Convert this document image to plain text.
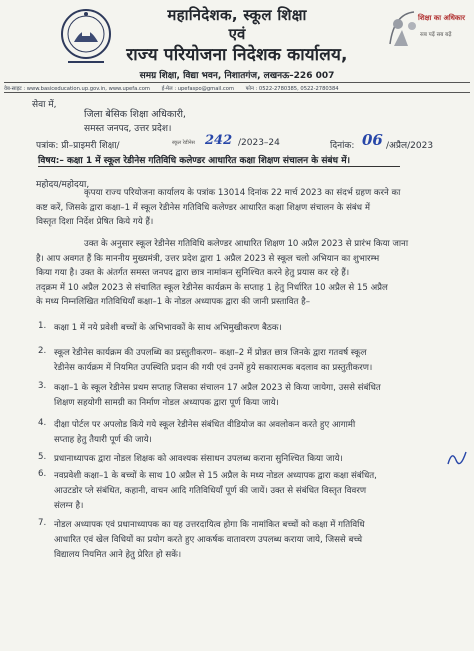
शिक्षा का अधिकार
सब पढ़ें सब बढ़ें
महानिदेशक, स्कूल शिक्षा
एवं
राज्य परियोजना निदेशक कार्यालय,
समग्र शिक्षा, विद्या भवन, निशातगंज, लखनऊ–226 007
वेब-साइट : www.basiceducation.up.gov.in, www.upefa.com ई-मेल : upefaspo@gmail.com फोन : 0522-2780385, 0522-2780384
सेवा में,
जिला बेसिक शिक्षा अधिकारी,
समस्त जनपद, उत्तर प्रदेश।
पत्रांक: प्री–प्राइमरी शिक्षा/	स्कूल रेडीनेस 242 /2023–24	दिनांक: 06 /अप्रैल/2023
विषय:– कक्षा 1 में स्कूल रेडीनेस गतिविधि कलेण्डर आधारित कक्षा शिक्षण संचालन के संबंध में।
महोदय/महोदया,
कृपया राज्य परियोजना कार्यालय के पत्रांक 13014 दिनांक 22 मार्च 2023 का संदर्भ ग्रहण करने का
कष्ट करें, जिसके द्वारा कक्षा–1 में स्कूल रेडीनेस गतिविधि कलेण्डर आधारित कक्षा शिक्षण संचालन के संबंध में
विस्तृत दिशा निर्देश प्रेषित किये गये हैं।
उक्त के अनुसार स्कूल रेडीनेस गतिविधि कलेण्डर आधारित शिक्षण 10 अप्रैल 2023 से प्रारंभ किया जाना
है। आप अवगत हैं कि माननीय मुख्यमंत्री, उत्तर प्रदेश द्वारा 1 अप्रैल 2023 से स्कूल चलो अभियान का शुभारम्भ
किया गया है। उक्त के अंतर्गत समस्त जनपद द्वारा छात्र नामांकन सुनिश्चित करने हेतु प्रयास कर रहे हैं।
तद्‌क्रम में 10 अप्रैल 2023 से संचालित स्कूल रेडीनेस कार्यक्रम के सप्ताह 1 हेतु निर्धारित 10 अप्रैल से 15 अप्रैल
के मध्य निम्नलिखित गतिविधियाँ कक्षा–1 के नोडल अध्यापक द्वारा की जानी प्रस्तावित है–
1. कक्षा 1 में नये प्रवेशी बच्चों के अभिभावकों के साथ अभिमुखीकरण बैठक।
2. स्कूल रेडीनेस कार्यक्रम की उपलब्धि का प्रस्तुतीकरण– कक्षा–2 में प्रोन्नत छात्र जिनके द्वारा गतवर्ष स्कूल
रेडीनेस कार्यक्रम में नियमित उपस्थिति प्रदान की गयी एवं उनमें हुये सकारात्मक बदलाव का प्रस्तुतीकरण।
3. कक्षा–1 के स्कूल रेडीनेस प्रथम सप्ताह जिसका संचालन 17 अप्रैल 2023 से किया जायेगा, उससे संबंधित
शिक्षण सहयोगी सामग्री का निर्माण नोडल अध्यापक द्वारा पूर्ण किया जाये।
4. दीक्षा पोर्टल पर अपलोड किये गये स्कूल रेडीनेस संबंधित वीडियोज का अवलोकन करते हुए आगामी
सप्ताह हेतु तैयारी पूर्ण की जाये।
5. प्रधानाध्यापक द्वारा नोडल शिक्षक को आवश्यक संसाधन उपलब्ध कराना सुनिश्चित किया जाये।
6. नवप्रवेशी कक्षा–1 के बच्चों के साथ 10 अप्रैल से 15 अप्रैल के मध्य नोडल अध्यापक द्वारा कक्षा संबंधित,
आउटडोर प्ले संबंधित, कहानी, वाचन आदि गतिविधियाँ पूर्ण की जायें। उक्त से संबंधित विस्तृत विवरण
संलग्न है।
7. नोडल अध्यापक एवं प्रधानाध्यापक का यह उत्तरदायित्व होगा कि नामांकित बच्चों को कक्षा में गतिविधि
आधारित एवं खेल विधियों का प्रयोग करते हुए आकर्षक वातावरण उपलब्ध कराया जाये, जिससे बच्चे
विद्यालय नियमित आने हेतु प्रेरित हो सकें।
